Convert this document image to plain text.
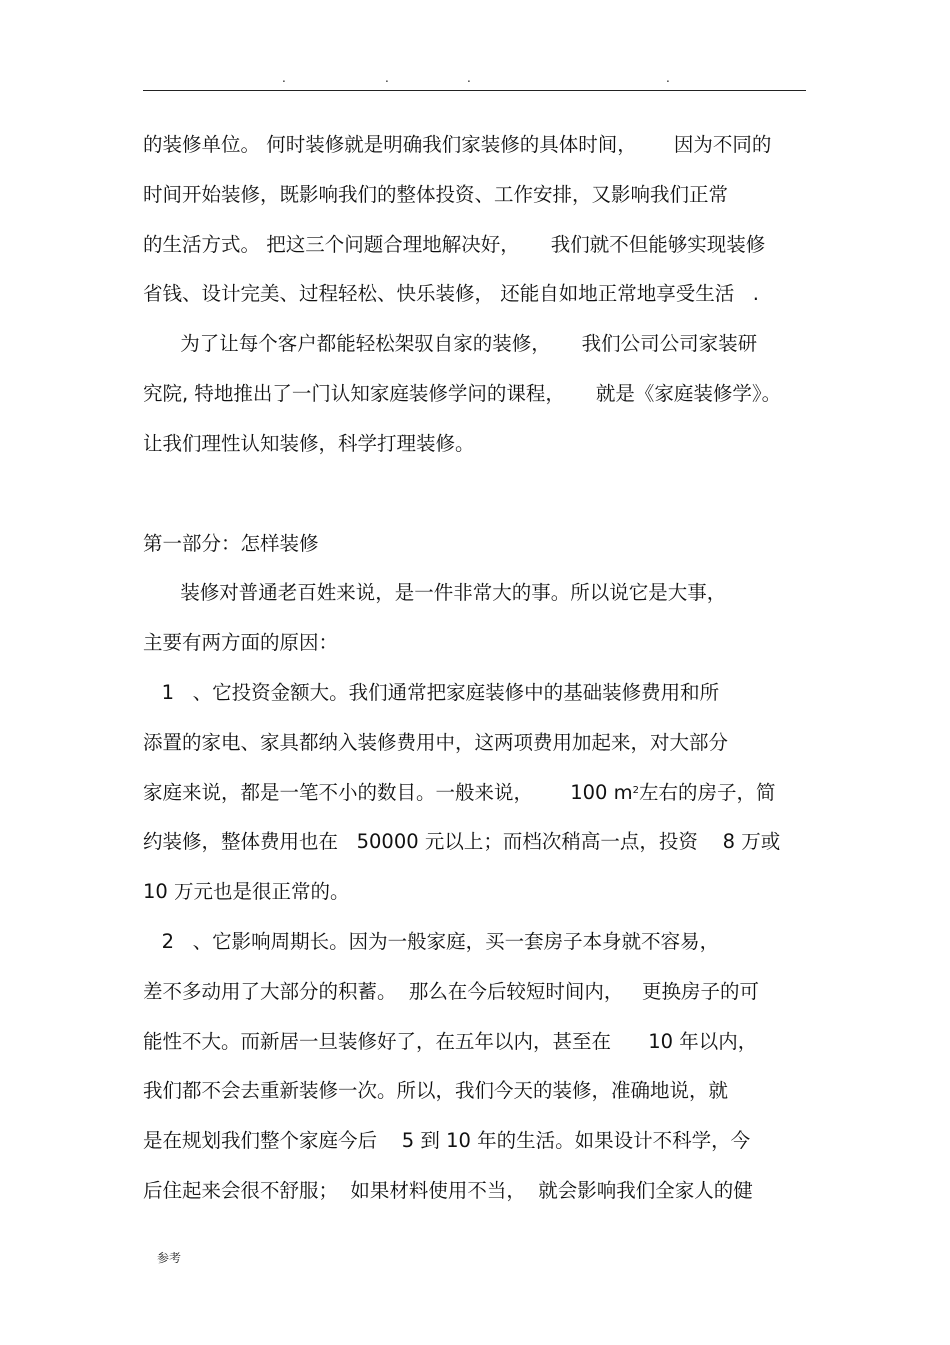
.	.	.	.
的装修单位。 何时装修就是明确我们家装修的具体时间，      因为不同的
时间开始装修，既影响我们的整体投资、工作安排，又影响我们正常
的生活方式。 把这三个问题合理地解决好，     我们就不但能够实现装修
省钱、设计完美、过程轻松、快乐装修， 还能自如地正常地享受生活   .
为了让每个客户都能轻松架驭自家的装修，     我们公司公司家装研
究院, 特地推出了一门认知家庭装修学问的课程，     就是《家庭装修学》。
让我们理性认知装修，科学打理装修。
第一部分：怎样装修
装修对普通老百姓来说，是一件非常大的事。所以说它是大事，
主要有两方面的原因：
1   、它投资金额大。我们通常把家庭装修中的基础装修费用和所
添置的家电、家具都纳入装修费用中，这两项费用加起来，对大部分
家庭来说，都是一笔不小的数目。一般来说，      100 $m^2$左右的房子，简
约装修，整体费用也在   50000 元以上；而档次稍高一点，投资    8 万或
10 万元也是很正常的。
2   、它影响周期长。因为一般家庭，买一套房子本身就不容易，
差不多动用了大部分的积蓄。  那么在今后较短时间内，   更换房子的可
能性不大。而新居一旦装修好了，在五年以内，甚至在      10 年以内，
我们都不会去重新装修一次。所以，我们今天的装修，准确地说，就
是在规划我们整个家庭今后    5 到 10 年的生活。如果设计不科学，今
后住起来会很不舒服；  如果材料使用不当，  就会影响我们全家人的健
参考
